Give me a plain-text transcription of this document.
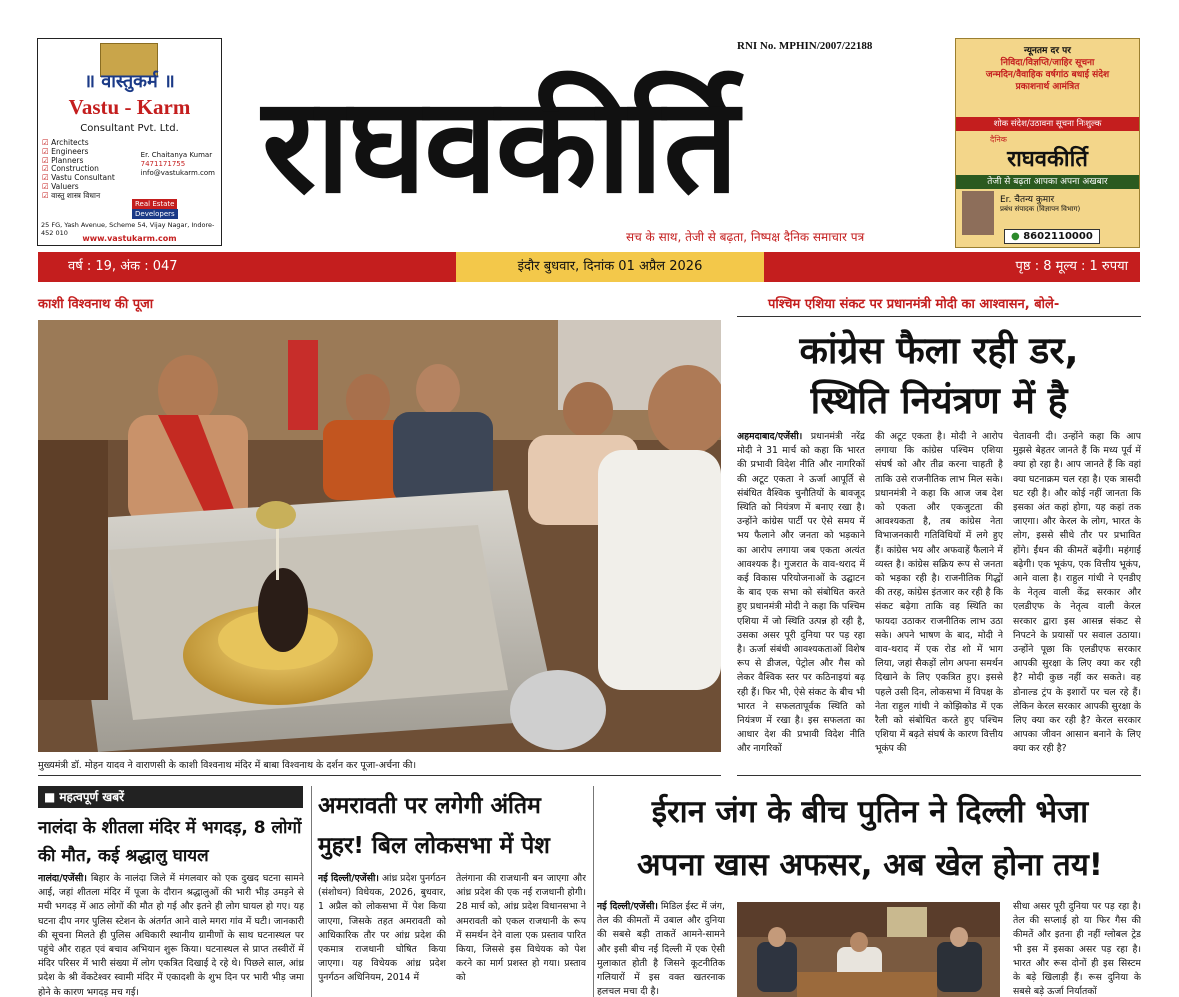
॥ वास्तुकर्म ॥
Vastu - Karm
Consultant Pvt. Ltd.
☑ Architects
☑ Engineers
☑ Planners
☑ Construction
☑ Vastu Consultant
☑ Valuers
☑ वास्तु शास्त्र विधान
Er. Chaitanya Kumar
7471171755
info@vastukarm.com
Real EstateDevelopers
25 FG, Yash Avenue, Scheme 54, Vijay Nagar, Indore- 452 010
www.vastukarm.com
RNI No. MPHIN/2007/22188
राघवकीर्ति
सच के साथ, तेजी से बढ़ता, निष्पक्ष दैनिक समाचार पत्र
न्यूनतम दर पर
निविदा/विज्ञप्ति/जाहिर सूचना
जन्मदिन/वैवाहिक वर्षगांठ बधाई संदेश
प्रकाशनार्थ आमंत्रित
शोक संदेश/उठावना सूचना निःशुल्क
दैनिक
राघवकीर्ति
तेजी से बढ़ता आपका अपना अखबार
Er. चैतन्य कुमार
प्रबंध संपादक (विज्ञापन विभाग)
● 8602110000
वर्ष : 19, अंक : 047	इंदौर बुधवार, दिनांक 01 अप्रैल 2026	पृष्ठ : 8 मूल्य : 1 रुपया
काशी विश्वनाथ की पूजा
मुख्यमंत्री डॉ. मोहन यादव ने वाराणसी के काशी विश्वनाथ मंदिर में बाबा विश्वनाथ के दर्शन कर पूजा-अर्चना की।
पश्चिम एशिया संकट पर प्रधानमंत्री मोदी का आश्वासन, बोले-
कांग्रेस फैला रही डर,
स्थिति नियंत्रण में है
अहमदाबाद/एजेंसी। प्रधानमंत्री नरेंद्र मोदी ने 31 मार्च को कहा कि भारत की प्रभावी विदेश नीति और नागरिकों की अटूट एकता ने ऊर्जा आपूर्ति से संबंधित वैश्विक चुनौतियों के बावजूद स्थिति को नियंत्रण में बनाए रखा है। उन्होंने कांग्रेस पार्टी पर ऐसे समय में भय फैलाने और जनता को भड़काने का आरोप लगाया जब एकता अत्यंत आवश्यक है। गुजरात के वाव-थराद में कई विकास परियोजनाओं के उद्घाटन के बाद एक सभा को संबोधित करते हुए प्रधानमंत्री मोदी ने कहा कि पश्चिम एशिया में जो स्थिति उत्पन्न हो रही है, उसका असर पूरी दुनिया पर पड़ रहा है। ऊर्जा संबंधी आवश्यकताओं विशेष रूप से डीजल, पेट्रोल और गैस को लेकर वैश्विक स्तर पर कठिनाइयां बढ़ रही हैं। फिर भी, ऐसे संकट के बीच भी भारत ने सफलतापूर्वक स्थिति को नियंत्रण में रखा है। इस सफलता का आधार देश की प्रभावी विदेश नीति और नागरिकों
की अटूट एकता है। मोदी ने आरोप लगाया कि कांग्रेस पश्चिम एशिया संघर्ष को और तीव्र करना चाहती है ताकि उसे राजनीतिक लाभ मिल सके। प्रधानमंत्री ने कहा कि आज जब देश को एकता और एकजुटता की आवश्यकता है, तब कांग्रेस नेता विभाजनकारी गतिविधियों में लगे हुए हैं। कांग्रेस भय और अफवाहें फैलाने में व्यस्त है। कांग्रेस सक्रिय रूप से जनता को भड़का रही है। राजनीतिक गिद्धों की तरह, कांग्रेस इंतजार कर रही है कि संकट बढ़ेगा ताकि वह स्थिति का फायदा उठाकर राजनीतिक लाभ उठा सके। अपने भाषण के बाद, मोदी ने वाव-थराद में एक रोड शो में भाग लिया, जहां सैकड़ों लोग अपना समर्थन दिखाने के लिए एकत्रित हुए। इससे पहले उसी दिन, लोकसभा में विपक्ष के नेता राहुल गांधी ने कोझिकोड में एक रैली को संबोधित करते हुए पश्चिम एशिया में बढ़ते संघर्ष के कारण वित्तीय भूकंप की
चेतावनी दी। उन्होंने कहा कि आप मुझसे बेहतर जानते हैं कि मध्य पूर्व में क्या हो रहा है। आप जानते हैं कि वहां क्या घटनाक्रम चल रहा है। एक त्रासदी घट रही है। और कोई नहीं जानता कि इसका अंत कहां होगा, यह कहां तक जाएगा। और केरल के लोग, भारत के लोग, इससे सीधे तौर पर प्रभावित होंगे। ईंधन की कीमतें बढ़ेंगी। महंगाई बढ़ेगी। एक भूकंप, एक वित्तीय भूकंप, आने वाला है। राहुल गांधी ने एनडीए के नेतृत्व वाली केंद्र सरकार और एलडीएफ के नेतृत्व वाली केरल सरकार द्वारा इस आसन्न संकट से निपटने के प्रयासों पर सवाल उठाया। उन्होंने पूछा कि एलडीएफ सरकार आपकी सुरक्षा के लिए क्या कर रही है? मोदी कुछ नहीं कर सकते। वह डोनाल्ड ट्रंप के इशारों पर चल रहे हैं। लेकिन केरल सरकार आपकी सुरक्षा के लिए क्या कर रही है? केरल सरकार आपका जीवन आसान बनाने के लिए क्या कर रही है?
■ महत्वपूर्ण खबरें
नालंदा के शीतला मंदिर में भगदड़, 8 लोगों की मौत, कई श्रद्धालु घायल
नालंदा/एजेंसी। बिहार के नालंदा जिले में मंगलवार को एक दुखद घटना सामने आई, जहां शीतला मंदिर में पूजा के दौरान श्रद्धालुओं की भारी भीड़ उमड़ने से मची भगदड़ में आठ लोगों की मौत हो गई और इतने ही लोग घायल हो गए। यह घटना दीप नगर पुलिस स्टेशन के अंतर्गत आने वाले मगरा गांव में घटी। जानकारी की सूचना मिलते ही पुलिस अधिकारी स्थानीय ग्रामीणों के साथ घटनास्थल पर पहुंचे और राहत एवं बचाव अभियान शुरू किया। घटनास्थल से प्राप्त तस्वीरों में मंदिर परिसर में भारी संख्या में लोग एकत्रित दिखाई दे रहे थे। पिछले साल, आंध्र प्रदेश के श्री वेंकटेश्वर स्वामी मंदिर में एकादशी के शुभ दिन पर भारी भीड़ जमा होने के कारण भगदड़ मच गई।
अमरावती पर लगेगी अंतिम मुहर! बिल लोकसभा में पेश
नई दिल्ली/एजेंसी। आंध्र प्रदेश पुनर्गठन (संशोधन) विधेयक, 2026, बुधवार, 1 अप्रैल को लोकसभा में पेश किया जाएगा, जिसके तहत अमरावती को आधिकारिक तौर पर आंध्र प्रदेश की एकमात्र राजधानी घोषित किया जाएगा। यह विधेयक आंध्र प्रदेश पुनर्गठन अधिनियम, 2014 में
तेलंगाना की राजधानी बन जाएगा और आंध्र प्रदेश की एक नई राजधानी होगी। 28 मार्च को, आंध्र प्रदेश विधानसभा ने अमरावती को एकल राजधानी के रूप में समर्थन देने वाला एक प्रस्ताव पारित किया, जिससे इस विधेयक को पेश करने का मार्ग प्रशस्त हो गया। प्रस्ताव को
ईरान जंग के बीच पुतिन ने दिल्ली भेजा
अपना खास अफसर, अब खेल होना तय!
नई दिल्ली/एजेंसी। मिडिल ईस्ट में जंग, तेल की कीमतों में उबाल और दुनिया की सबसे बड़ी ताकतें आमने-सामने और इसी बीच नई दिल्ली में एक ऐसी मुलाकात होती है जिसने कूटनीतिक गलियारों में इस वक्त खतरनाक हलचल मचा दी है।
सीधा असर पूरी दुनिया पर पड़ रहा है। तेल की सप्लाई हो या फिर गैस की कीमतें और इतना ही नहीं ग्लोबल ट्रेड भी इस में इसका असर पड़ रहा है। भारत और रूस दोनों ही इस सिस्टम के बड़े खिलाड़ी हैं। रूस दुनिया के सबसे बड़े ऊर्जा निर्यातकों
